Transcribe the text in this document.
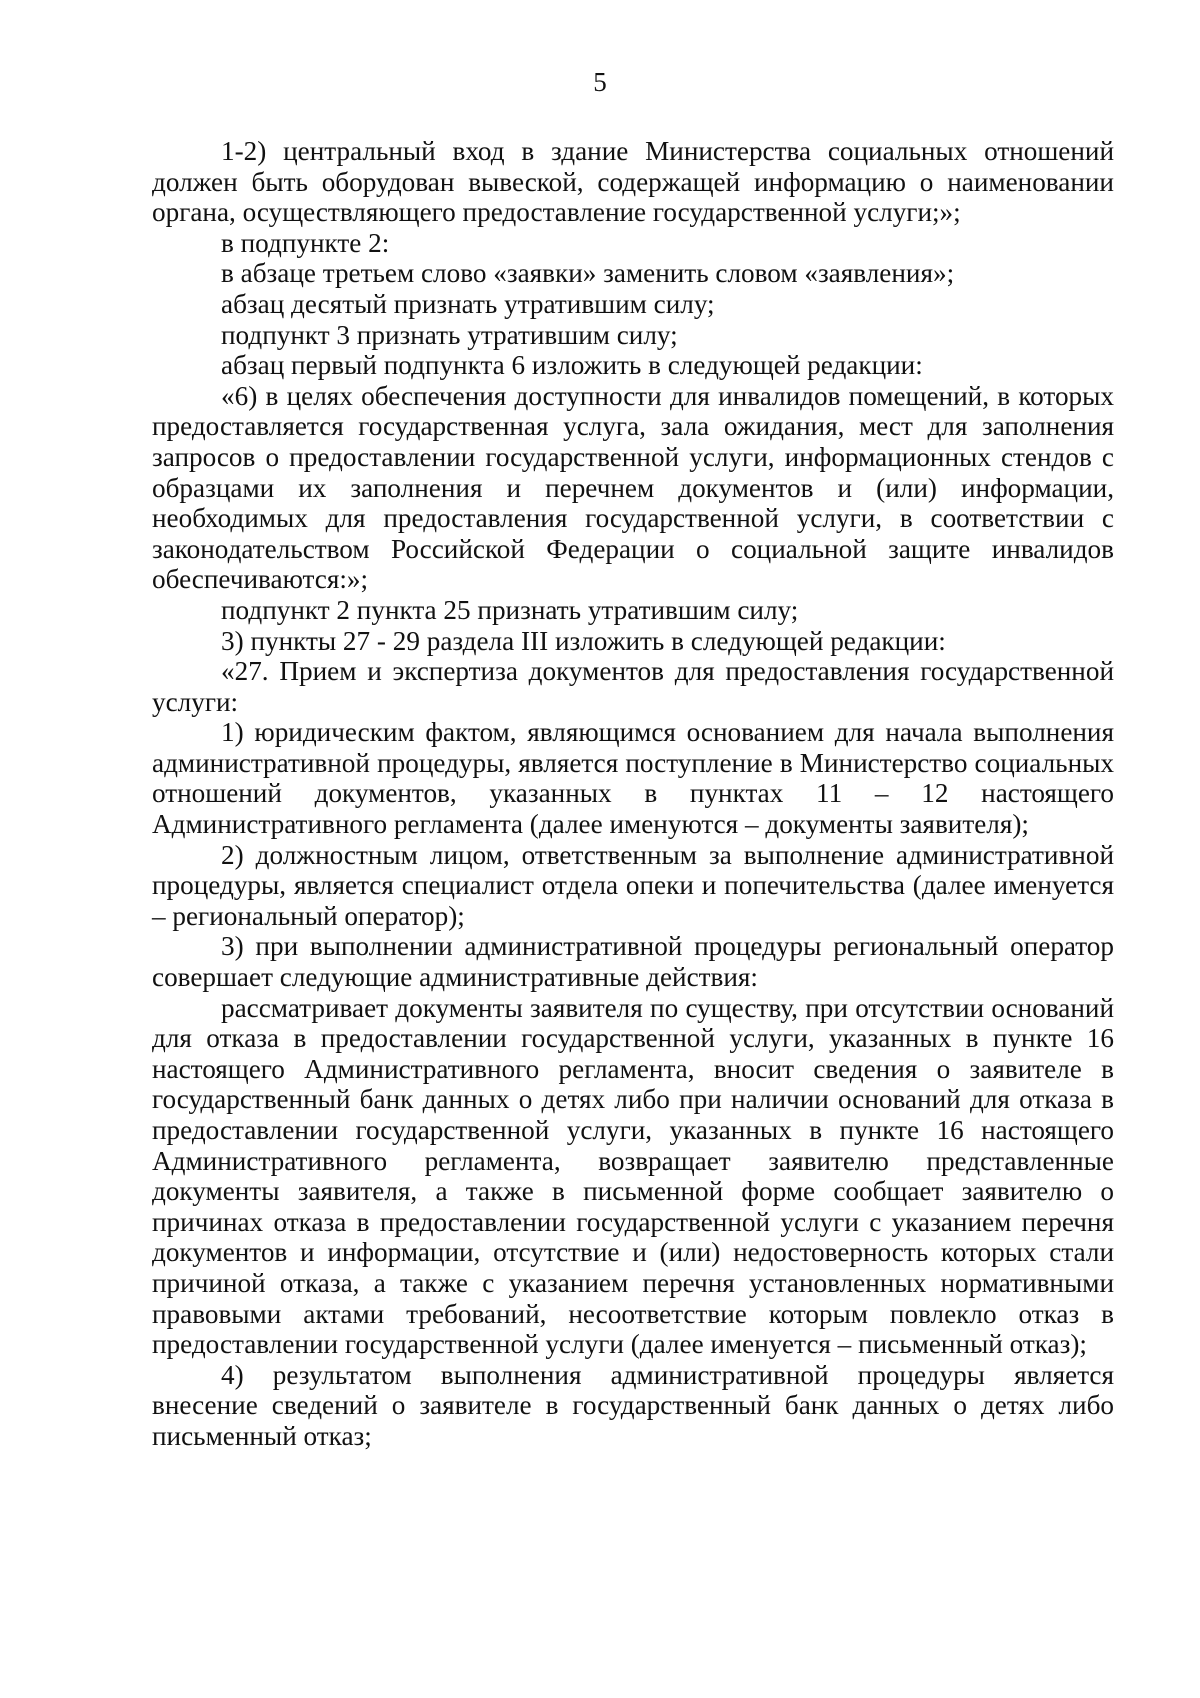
5

1-2) центральный вход в здание Министерства социальных отношений должен быть оборудован вывеской, содержащей информацию о наименовании органа, осуществляющего предоставление государственной услуги;»;

в подпункте 2:

в абзаце третьем слово «заявки» заменить словом «заявления»;

абзац десятый признать утратившим силу;

подпункт 3 признать утратившим силу;

абзац первый подпункта 6 изложить в следующей редакции:

«6) в целях обеспечения доступности для инвалидов помещений, в которых предоставляется государственная услуга, зала ожидания, мест для заполнения запросов о предоставлении государственной услуги, информационных стендов с образцами их заполнения и перечнем документов и (или) информации, необходимых для предоставления государственной услуги, в соответствии с законодательством Российской Федерации о социальной защите инвалидов обеспечиваются:»;

подпункт 2 пункта 25 признать утратившим силу;

3) пункты 27 - 29 раздела III изложить в следующей редакции:

«27. Прием и экспертиза документов для предоставления государственной услуги:

1) юридическим фактом, являющимся основанием для начала выполнения административной процедуры, является поступление в Министерство социальных отношений документов, указанных в пунктах 11 – 12 настоящего Административного регламента (далее именуются – документы заявителя);

2) должностным лицом, ответственным за выполнение административной процедуры, является специалист отдела опеки и попечительства (далее именуется – региональный оператор);

3) при выполнении административной процедуры региональный оператор совершает следующие административные действия:

рассматривает документы заявителя по существу, при отсутствии оснований для отказа в предоставлении государственной услуги, указанных в пункте 16 настоящего Административного регламента, вносит сведения о заявителе в государственный банк данных о детях либо при наличии оснований для отказа в предоставлении государственной услуги, указанных в пункте 16 настоящего Административного регламента, возвращает заявителю представленные документы заявителя, а также в письменной форме сообщает заявителю о причинах отказа в предоставлении государственной услуги с указанием перечня документов и информации, отсутствие и (или) недостоверность которых стали причиной отказа, а также с указанием перечня установленных нормативными правовыми актами требований, несоответствие которым повлекло отказ в предоставлении государственной услуги (далее именуется – письменный отказ);

4) результатом выполнения административной процедуры является внесение сведений о заявителе в государственный банк данных о детях либо письменный отказ;
